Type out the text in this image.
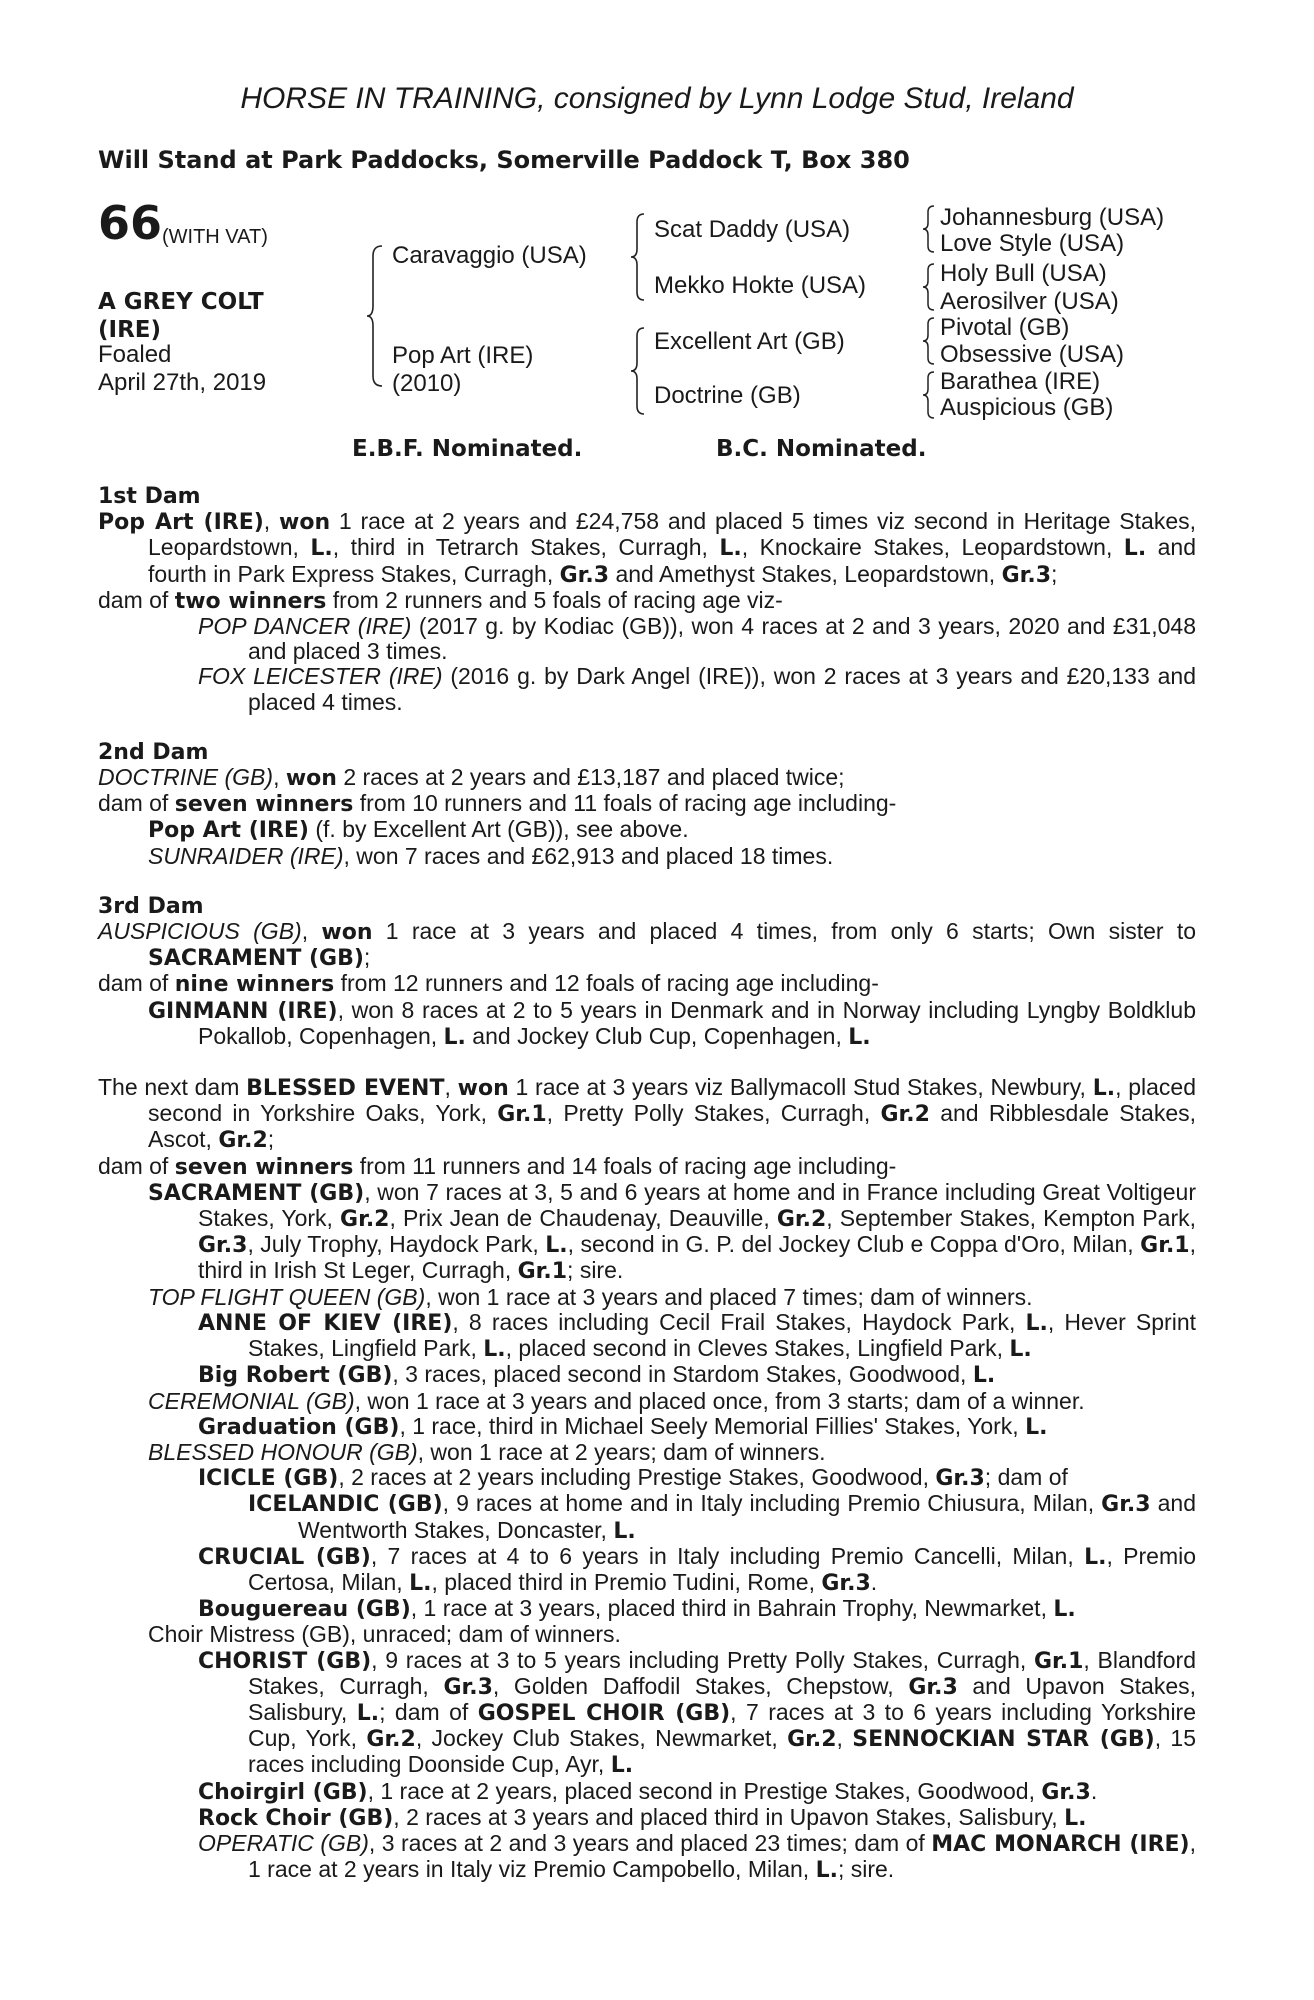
HORSE IN TRAINING, consigned by Lynn Lodge Stud, Ireland
Will Stand at Park Paddocks, Somerville Paddock T, Box 380
66 (WITH VAT)
A GREY COLT
(IRE)
Foaled
April 27th, 2019
Caravaggio (USA)
Pop Art (IRE)
(2010)
Scat Daddy (USA)
Mekko Hokte (USA)
Excellent Art (GB)
Doctrine (GB)
Johannesburg (USA)
Love Style (USA)
Holy Bull (USA)
Aerosilver (USA)
Pivotal (GB)
Obsessive (USA)
Barathea (IRE)
Auspicious (GB)
E.B.F. Nominated.	B.C. Nominated.
1st Dam
Pop Art (IRE), won 1 race at 2 years and £24,758 and placed 5 times viz second in Heritage Stakes, Leopardstown, L., third in Tetrarch Stakes, Curragh, L., Knockaire Stakes, Leopardstown, L. and fourth in Park Express Stakes, Curragh, Gr.3 and Amethyst Stakes, Leopardstown, Gr.3;
dam of two winners from 2 runners and 5 foals of racing age viz-
POP DANCER (IRE) (2017 g. by Kodiac (GB)), won 4 races at 2 and 3 years, 2020 and £31,048 and placed 3 times.
FOX LEICESTER (IRE) (2016 g. by Dark Angel (IRE)), won 2 races at 3 years and £20,133 and placed 4 times.
2nd Dam
DOCTRINE (GB), won 2 races at 2 years and £13,187 and placed twice;
dam of seven winners from 10 runners and 11 foals of racing age including-
Pop Art (IRE) (f. by Excellent Art (GB)), see above.
SUNRAIDER (IRE), won 7 races and £62,913 and placed 18 times.
3rd Dam
AUSPICIOUS (GB), won 1 race at 3 years and placed 4 times, from only 6 starts; Own sister to SACRAMENT (GB);
dam of nine winners from 12 runners and 12 foals of racing age including-
GINMANN (IRE), won 8 races at 2 to 5 years in Denmark and in Norway including Lyngby Boldklub Pokallob, Copenhagen, L. and Jockey Club Cup, Copenhagen, L.
The next dam BLESSED EVENT, won 1 race at 3 years viz Ballymacoll Stud Stakes, Newbury, L., placed second in Yorkshire Oaks, York, Gr.1, Pretty Polly Stakes, Curragh, Gr.2 and Ribblesdale Stakes, Ascot, Gr.2;
dam of seven winners from 11 runners and 14 foals of racing age including-
SACRAMENT (GB), won 7 races at 3, 5 and 6 years at home and in France including Great Voltigeur Stakes, York, Gr.2, Prix Jean de Chaudenay, Deauville, Gr.2, September Stakes, Kempton Park, Gr.3, July Trophy, Haydock Park, L., second in G. P. del Jockey Club e Coppa d'Oro, Milan, Gr.1, third in Irish St Leger, Curragh, Gr.1; sire.
TOP FLIGHT QUEEN (GB), won 1 race at 3 years and placed 7 times; dam of winners.
ANNE OF KIEV (IRE), 8 races including Cecil Frail Stakes, Haydock Park, L., Hever Sprint Stakes, Lingfield Park, L., placed second in Cleves Stakes, Lingfield Park, L.
Big Robert (GB), 3 races, placed second in Stardom Stakes, Goodwood, L.
CEREMONIAL (GB), won 1 race at 3 years and placed once, from 3 starts; dam of a winner.
Graduation (GB), 1 race, third in Michael Seely Memorial Fillies' Stakes, York, L.
BLESSED HONOUR (GB), won 1 race at 2 years; dam of winners.
ICICLE (GB), 2 races at 2 years including Prestige Stakes, Goodwood, Gr.3; dam of
ICELANDIC (GB), 9 races at home and in Italy including Premio Chiusura, Milan, Gr.3 and Wentworth Stakes, Doncaster, L.
CRUCIAL (GB), 7 races at 4 to 6 years in Italy including Premio Cancelli, Milan, L., Premio Certosa, Milan, L., placed third in Premio Tudini, Rome, Gr.3.
Bouguereau (GB), 1 race at 3 years, placed third in Bahrain Trophy, Newmarket, L.
Choir Mistress (GB), unraced; dam of winners.
CHORIST (GB), 9 races at 3 to 5 years including Pretty Polly Stakes, Curragh, Gr.1, Blandford Stakes, Curragh, Gr.3, Golden Daffodil Stakes, Chepstow, Gr.3 and Upavon Stakes, Salisbury, L.; dam of GOSPEL CHOIR (GB), 7 races at 3 to 6 years including Yorkshire Cup, York, Gr.2, Jockey Club Stakes, Newmarket, Gr.2, SENNOCKIAN STAR (GB), 15 races including Doonside Cup, Ayr, L.
Choirgirl (GB), 1 race at 2 years, placed second in Prestige Stakes, Goodwood, Gr.3.
Rock Choir (GB), 2 races at 3 years and placed third in Upavon Stakes, Salisbury, L.
OPERATIC (GB), 3 races at 2 and 3 years and placed 23 times; dam of MAC MONARCH (IRE), 1 race at 2 years in Italy viz Premio Campobello, Milan, L.; sire.
